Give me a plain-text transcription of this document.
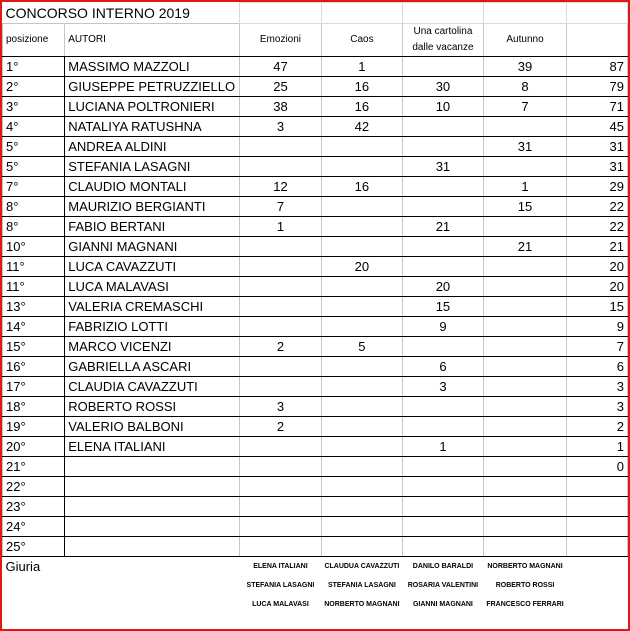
CONCORSO INTERNO 2019						
posizione	AUTORI	Emozioni	Caos	Una cartolina dalle vacanze	Autunno	
1°	MASSIMO MAZZOLI	47	1		39	87
2°	GIUSEPPE PETRUZZIELLO	25	16	30	8	79
3°	LUCIANA POLTRONIERI	38	16	10	7	71
4°	NATALIYA RATUSHNA	3	42			45
5°	ANDREA ALDINI				31	31
5°	STEFANIA LASAGNI			31		31
7°	CLAUDIO MONTALI	12	16		1	29
8°	MAURIZIO BERGIANTI	7			15	22
8°	FABIO BERTANI	1		21		22
10°	GIANNI MAGNANI				21	21
11°	LUCA CAVAZZUTI		20			20
11°	LUCA MALAVASI			20		20
13°	VALERIA CREMASCHI			15		15
14°	FABRIZIO LOTTI			9		9
15°	MARCO VICENZI	2	5			7
16°	GABRIELLA ASCARI			6		6
17°	CLAUDIA CAVAZZUTI			3		3
18°	ROBERTO ROSSI	3				3
19°	VALERIO BALBONI	2				2
20°	ELENA ITALIANI			1		1
21°						0
22°						
23°						
24°						
25°						
Giuria		ELENA ITALIANI	CLAUDUA CAVAZZUTI	DANILO BARALDI	NORBERTO MAGNANI	
		STEFANIA LASAGNI	STEFANIA LASAGNI	ROSARIA VALENTINI	ROBERTO ROSSI	
		LUCA MALAVASI	NORBERTO MAGNANI	GIANNI MAGNANI	FRANCESCO FERRARI	
